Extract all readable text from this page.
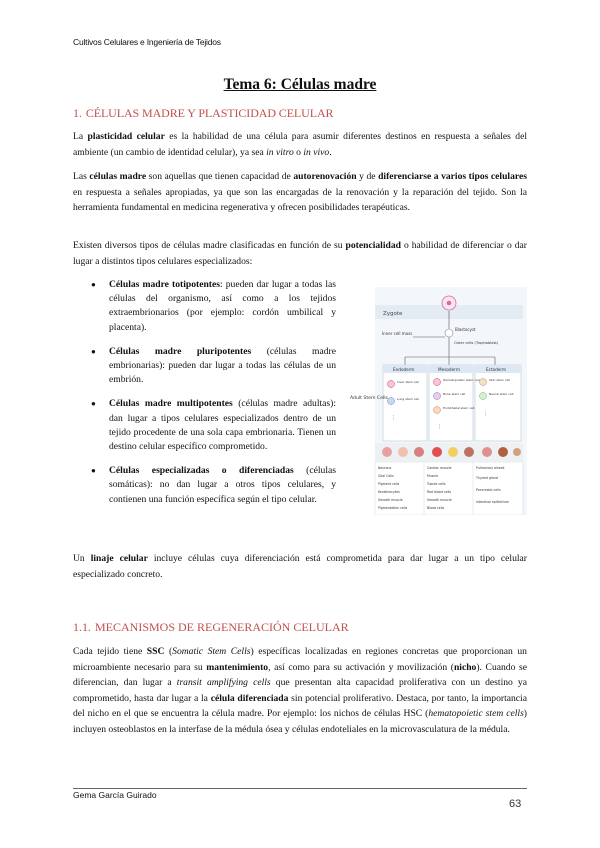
Cultivos Celulares e Ingeniería de Tejidos
Tema 6: Células madre
1. CÉLULAS MADRE Y PLASTICIDAD CELULAR
La plasticidad celular es la habilidad de una célula para asumir diferentes destinos en respuesta a señales del ambiente (un cambio de identidad celular), ya sea in vitro o in vivo.
Las células madre son aquellas que tienen capacidad de autorenovación y de diferenciarse a varios tipos celulares en respuesta a señales apropiadas, ya que son las encargadas de la renovación y la reparación del tejido. Son la herramienta fundamental en medicina regenerativa y ofrecen posibilidades terapéuticas.
Existen diversos tipos de células madre clasificadas en función de su potencialidad o habilidad de diferenciar o dar lugar a distintos tipos celulares especializados:
● Células madre totipotentes: pueden dar lugar a todas las células del organismo, así como a los tejidos extraembrionarios (por ejemplo: cordón umbilical y placenta).
● Células madre pluripotentes (células madre embrionarias): pueden dar lugar a todas las células de un embrión.
● Células madre multipotentes (células madre adultas): dan lugar a tipos celulares especializados dentro de un tejido procedente de una sola capa embrionaria. Tienen un destino celular específico comprometido.
● Células especializadas o diferenciadas (células somáticas): no dan lugar a otros tipos celulares, y contienen una función específica según el tipo celular.
Zygote
Blastocyst
Inner cell mass
Outer cells (Trophoblast)
Endoderm	Mesoderm	Ectoderm
Adult Stem Cells
Liver stem cell
Lung stem cell
⋮
Hematopoietic stem cell
Bone stem cell
Endothelial stem cell
⋮
Skin stem cell
Neural stem cell
⋮
Neurons
Glial Cells
Pigment cells
Keratinocytes
Smooth muscle
Pigmentation cells
Cardiac muscle
Muscle
Tubule cells
Red blood cells
Smooth muscle
Blood cells
Pulmonary alveoli
Thyroid gland
Pancreatic cells
Intestinal epithelium
Un linaje celular incluye células cuya diferenciación está comprometida para dar lugar a un tipo celular especializado concreto.
1.1. MECANISMOS DE REGENERACIÓN CELULAR
Cada tejido tiene SSC (Somatic Stem Cells) específicas localizadas en regiones concretas que proporcionan un microambiente necesario para su mantenimiento, así como para su activación y movilización (nicho). Cuando se diferencian, dan lugar a transit amplifying cells que presentan alta capacidad proliferativa con un destino ya comprometido, hasta dar lugar a la célula diferenciada sin potencial proliferativo. Destaca, por tanto, la importancia del nicho en el que se encuentra la célula madre. Por ejemplo: los nichos de células HSC (hematopoietic stem cells) incluyen osteoblastos en la interfase de la médula ósea y células endoteliales en la microvasculatura de la médula.
Gema García Guirado
63
